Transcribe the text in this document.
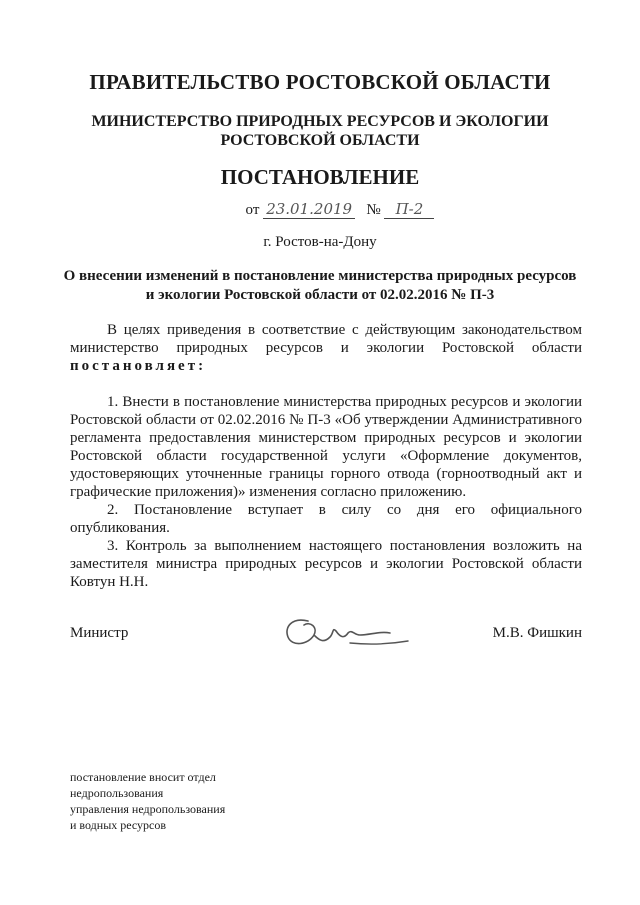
ПРАВИТЕЛЬСТВО РОСТОВСКОЙ ОБЛАСТИ
МИНИСТЕРСТВО ПРИРОДНЫХ РЕСУРСОВ И ЭКОЛОГИИ
РОСТОВСКОЙ ОБЛАСТИ
ПОСТАНОВЛЕНИЕ
от 23.01.2019 № П-2
г. Ростов-на-Дону
О внесении изменений в постановление министерства природных ресурсов
и экологии Ростовской области от 02.02.2016 № П-3
В целях приведения в соответствие с действующим законодательством министерство природных ресурсов и экологии Ростовской области постановляет:

1. Внести в постановление министерства природных ресурсов и экологии Ростовской области от 02.02.2016 № П-3 «Об утверждении Административного регламента предоставления министерством природных ресурсов и экологии Ростовской области государственной услуги «Оформление документов, удостоверяющих уточненные границы горного отвода (горноотводный акт и графические приложения)» изменения согласно приложению.

2. Постановление вступает в силу со дня его официального опубликования.

3. Контроль за выполнением настоящего постановления возложить на заместителя министра природных ресурсов и экологии Ростовской области Ковтун Н.Н.

Министр	М.В. Фишкин
постановление вносит отдел
недропользования
управления недропользования
и водных ресурсов
